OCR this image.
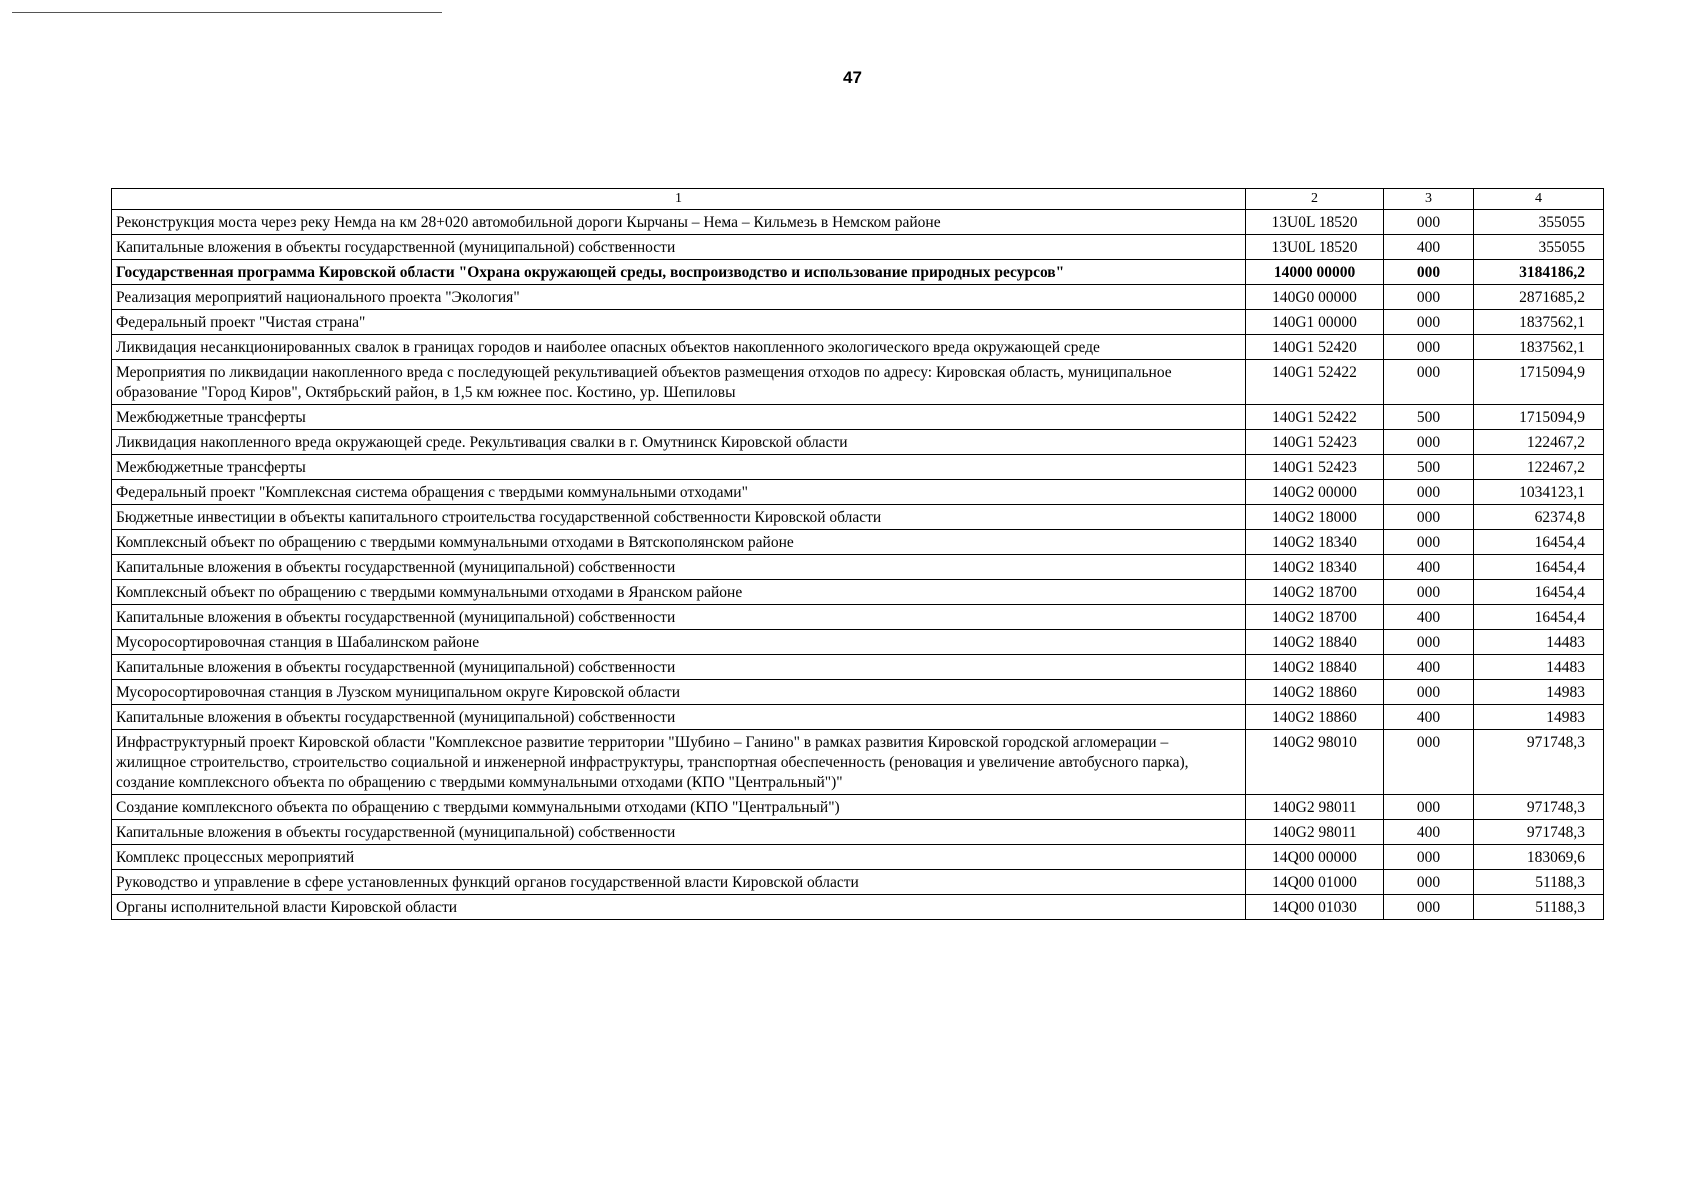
47
1	2	3	4
Реконструкция моста через реку Немда на км 28+020 автомобильной дороги Кырчаны – Нема – Кильмезь в Немском районе	13U0L 18520	000	355055
Капитальные вложения в объекты государственной (муниципальной) собственности	13U0L 18520	400	355055
Государственная программа Кировской области "Охрана окружающей среды, воспроизводство и использование природных ресурсов"	14000 00000	000	3184186,2
Реализация мероприятий национального проекта "Экология"	140G0 00000	000	2871685,2
Федеральный проект "Чистая страна"	140G1 00000	000	1837562,1
Ликвидация несанкционированных свалок в границах городов и наиболее опасных объектов накопленного экологического вреда окружающей среде	140G1 52420	000	1837562,1
Мероприятия по ликвидации накопленного вреда с последующей рекультивацией объектов размещения отходов по адресу: Кировская область, муниципальное образование "Город Киров", Октябрьский район, в 1,5 км южнее пос. Костино, ур. Шепиловы	140G1 52422	000	1715094,9
Межбюджетные трансферты	140G1 52422	500	1715094,9
Ликвидация накопленного вреда окружающей среде. Рекультивация свалки в г. Омутнинск Кировской области	140G1 52423	000	122467,2
Межбюджетные трансферты	140G1 52423	500	122467,2
Федеральный проект "Комплексная система обращения с твердыми коммунальными отходами"	140G2 00000	000	1034123,1
Бюджетные инвестиции в объекты капитального строительства государственной собственности Кировской области	140G2 18000	000	62374,8
Комплексный объект по обращению с твердыми коммунальными отходами в Вятскополянском районе	140G2 18340	000	16454,4
Капитальные вложения в объекты государственной (муниципальной) собственности	140G2 18340	400	16454,4
Комплексный объект по обращению с твердыми коммунальными отходами в Яранском районе	140G2 18700	000	16454,4
Капитальные вложения в объекты государственной (муниципальной) собственности	140G2 18700	400	16454,4
Мусоросортировочная станция в Шабалинском районе	140G2 18840	000	14483
Капитальные вложения в объекты государственной (муниципальной) собственности	140G2 18840	400	14483
Мусоросортировочная станция в Лузском муниципальном округе Кировской области	140G2 18860	000	14983
Капитальные вложения в объекты государственной (муниципальной) собственности	140G2 18860	400	14983
Инфраструктурный проект Кировской области "Комплексное развитие территории "Шубино – Ганино" в рамках развития Кировской городской агломерации – жилищное строительство, строительство социальной и инженерной инфраструктуры, транспортная обеспеченность (реновация и увеличение автобусного парка), создание комплексного объекта по обращению с твердыми коммунальными отходами (КПО "Центральный")"	140G2 98010	000	971748,3
Создание комплексного объекта по обращению с твердыми коммунальными отходами (КПО "Центральный")	140G2 98011	000	971748,3
Капитальные вложения в объекты государственной (муниципальной) собственности	140G2 98011	400	971748,3
Комплекс процессных мероприятий	14Q00 00000	000	183069,6
Руководство и управление в сфере установленных функций органов государственной власти Кировской области	14Q00 01000	000	51188,3
Органы исполнительной власти Кировской области	14Q00 01030	000	51188,3
